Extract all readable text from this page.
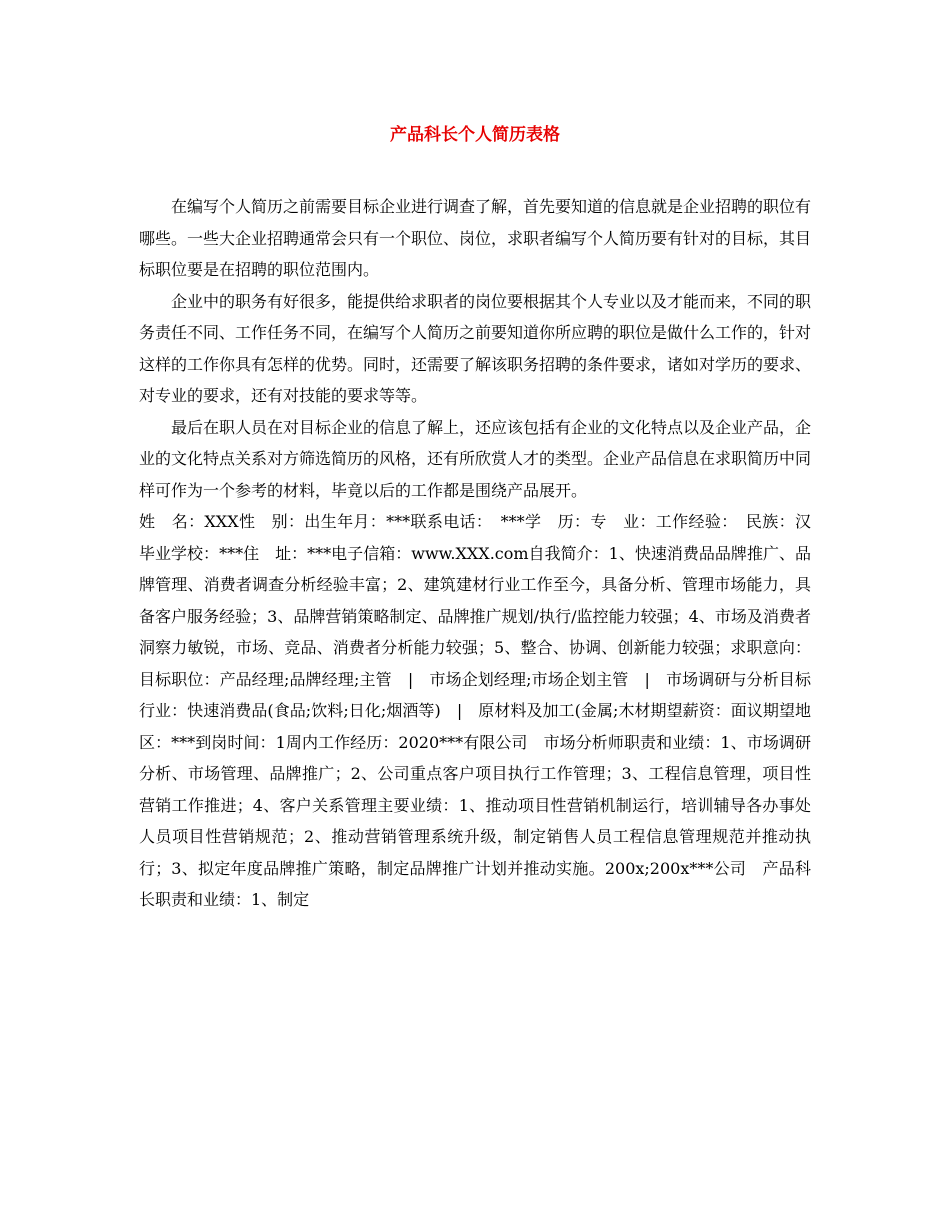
产品科长个人简历表格

在编写个人简历之前需要目标企业进行调查了解，首先要知道的信息就是企业招聘的职位有哪些。一些大企业招聘通常会只有一个职位、岗位，求职者编写个人简历要有针对的目标，其目标职位要是在招聘的职位范围内。

企业中的职务有好很多，能提供给求职者的岗位要根据其个人专业以及才能而来，不同的职务责任不同、工作任务不同，在编写个人简历之前要知道你所应聘的职位是做什么工作的，针对这样的工作你具有怎样的优势。同时，还需要了解该职务招聘的条件要求，诸如对学历的要求、对专业的要求，还有对技能的要求等等。

最后在职人员在对目标企业的信息了解上，还应该包括有企业的文化特点以及企业产品，企业的文化特点关系对方筛选简历的风格，还有所欣赏人才的类型。企业产品信息在求职简历中同样可作为一个参考的材料，毕竟以后的工作都是围绕产品展开。

姓　名：XXX性　别：出生年月：***联系电话：　***学　历：专　业：工作经验：　民族：汉毕业学校：***住　址：***电子信箱：www.XXX.com自我简介：1、快速消费品品牌推广、品牌管理、消费者调查分析经验丰富；2、建筑建材行业工作至今，具备分析、管理市场能力，具备客户服务经验；3、品牌营销策略制定、品牌推广规划/执行/监控能力较强；4、市场及消费者洞察力敏锐，市场、竞品、消费者分析能力较强；5、整合、协调、创新能力较强；求职意向：目标职位：产品经理;品牌经理;主管　|　市场企划经理;市场企划主管　|　市场调研与分析目标行业：快速消费品(食品;饮料;日化;烟酒等)　|　原材料及加工(金属;木材期望薪资：面议期望地区：***到岗时间：1周内工作经历：2020***有限公司　市场分析师职责和业绩：1、市场调研分析、市场管理、品牌推广；2、公司重点客户项目执行工作管理；3、工程信息管理，项目性营销工作推进；4、客户关系管理主要业绩：1、推动项目性营销机制运行，培训辅导各办事处人员项目性营销规范；2、推动营销管理系统升级，制定销售人员工程信息管理规范并推动执行；3、拟定年度品牌推广策略，制定品牌推广计划并推动实施。200x;200x***公司　产品科长职责和业绩：1、制定
